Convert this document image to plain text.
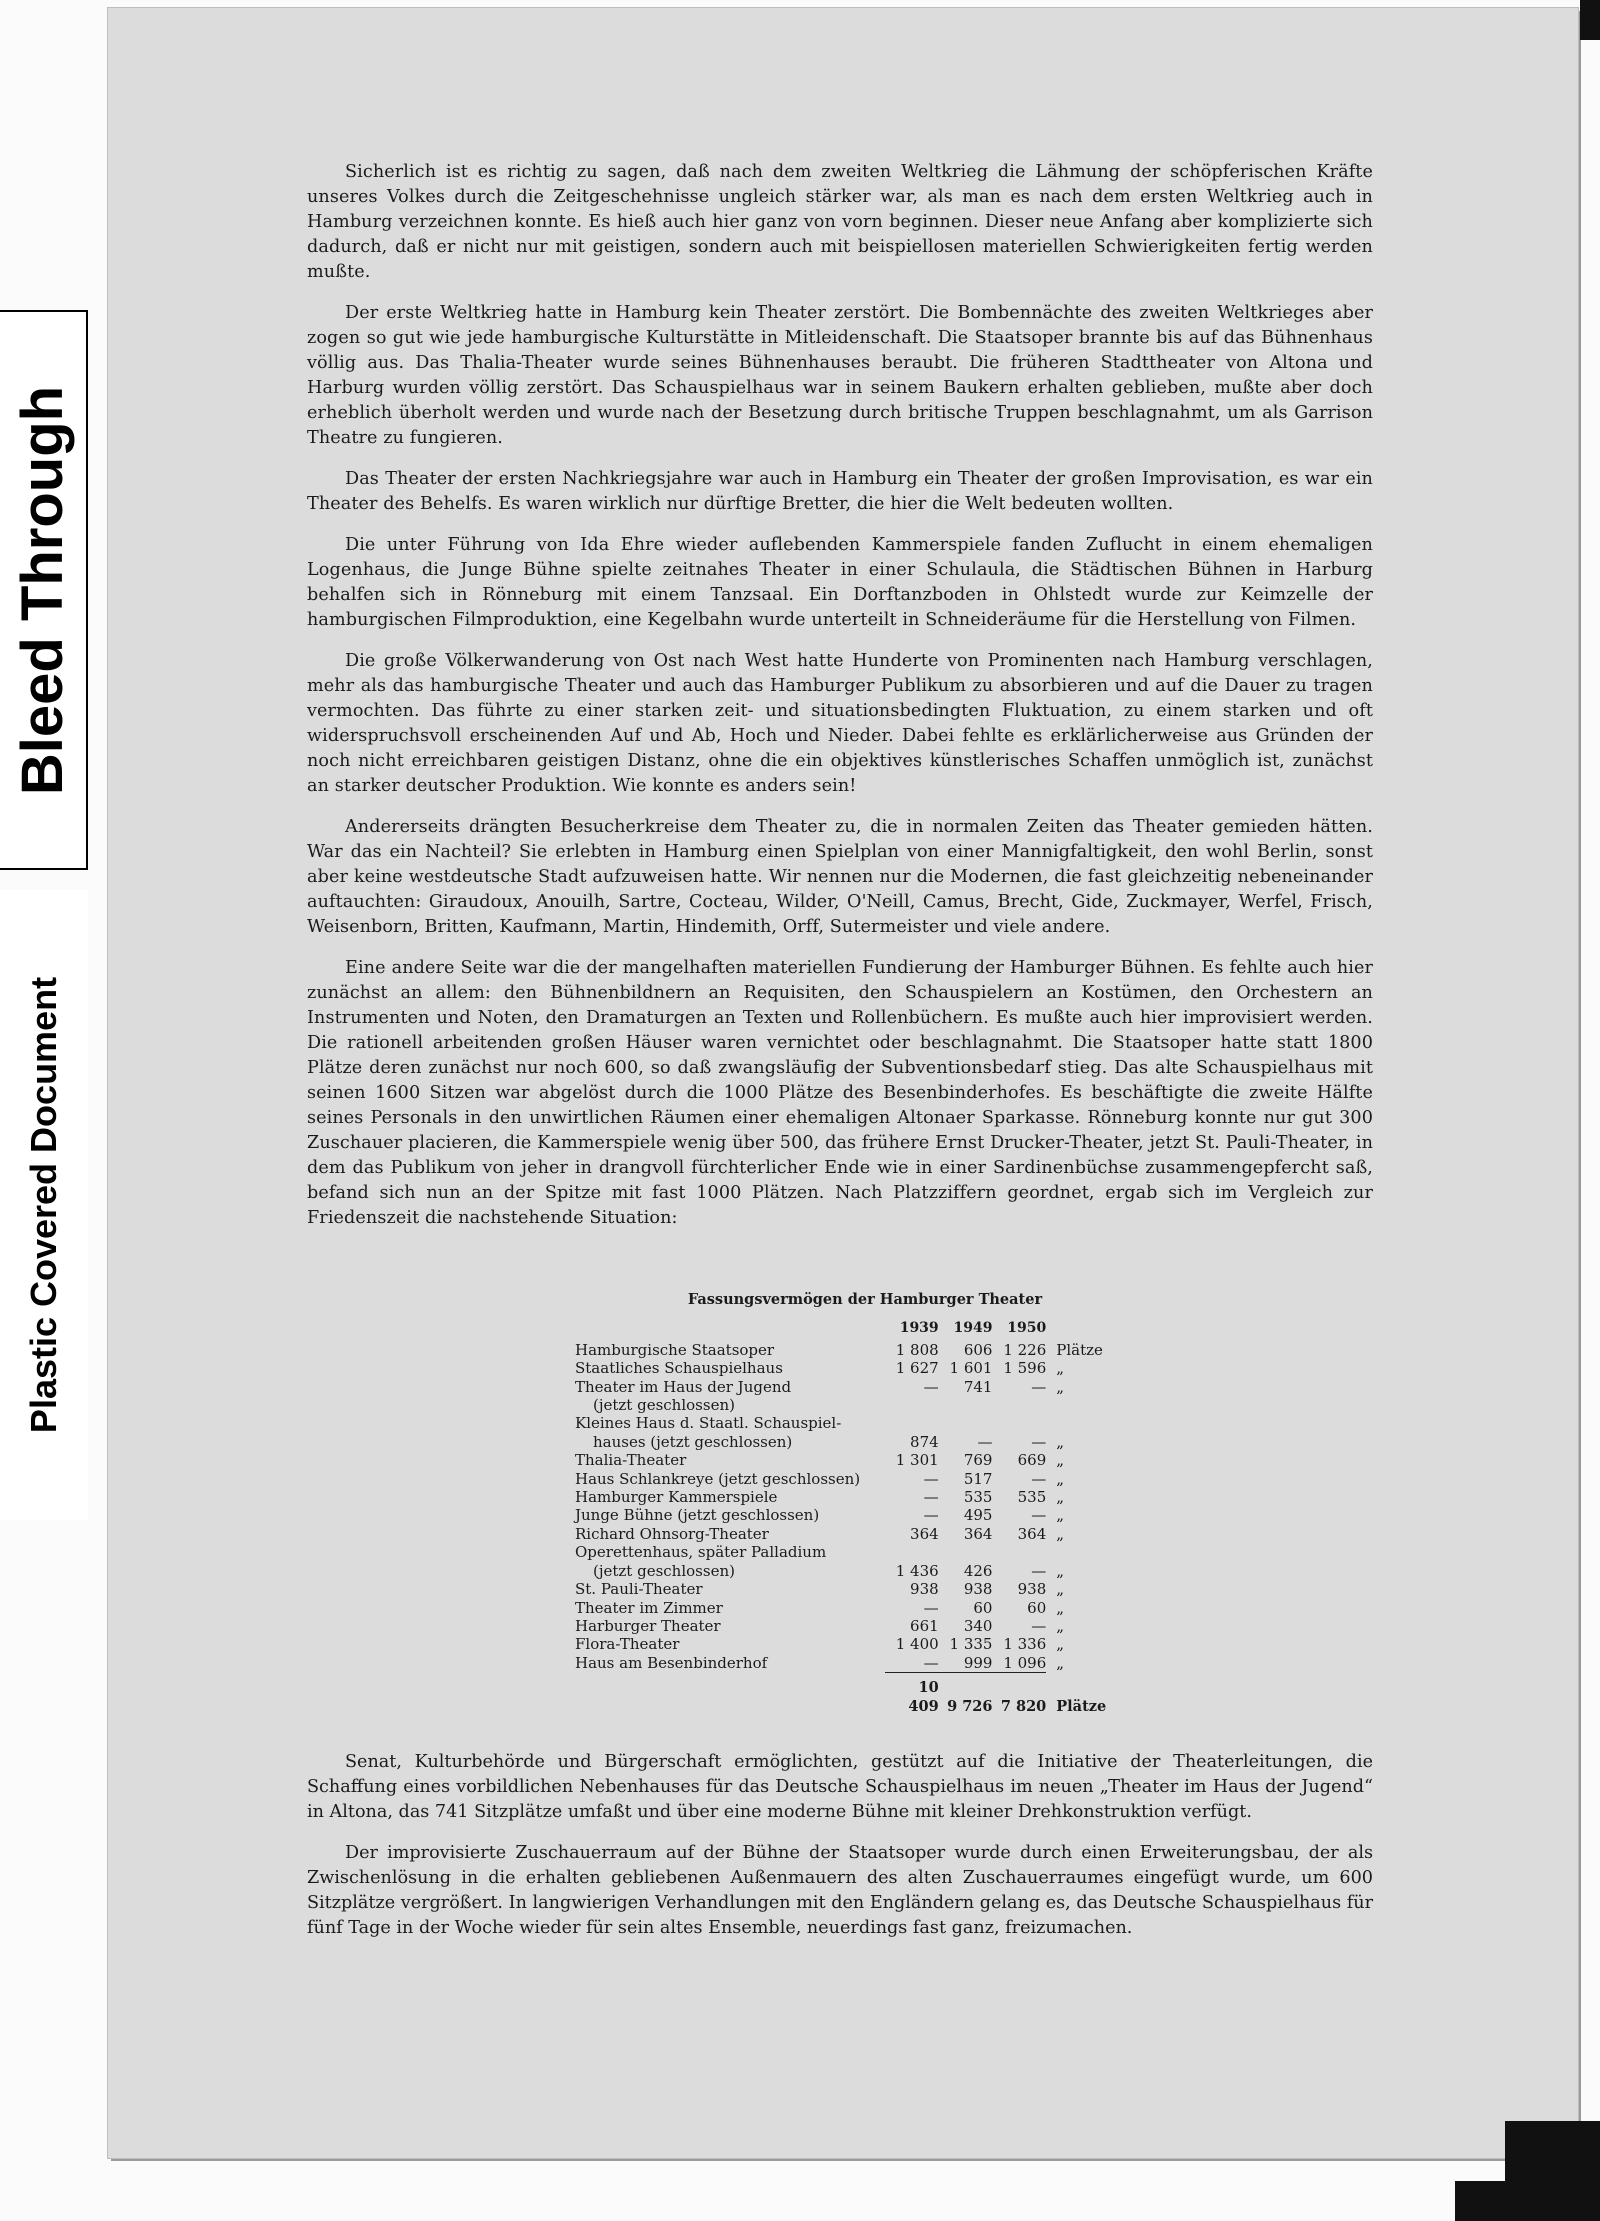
Bleed Through
Plastic Covered Document

Sicherlich ist es richtig zu sagen, daß nach dem zweiten Weltkrieg die Lähmung der schöpferischen Kräfte unseres Volkes durch die Zeitgeschehnisse ungleich stärker war, als man es nach dem ersten Weltkrieg auch in Hamburg verzeichnen konnte. Es hieß auch hier ganz von vorn beginnen. Dieser neue Anfang aber komplizierte sich dadurch, daß er nicht nur mit geistigen, sondern auch mit beispiellosen materiellen Schwierigkeiten fertig werden mußte.

Der erste Weltkrieg hatte in Hamburg kein Theater zerstört. Die Bombennächte des zweiten Weltkrieges aber zogen so gut wie jede hamburgische Kulturstätte in Mitleidenschaft. Die Staatsoper brannte bis auf das Bühnenhaus völlig aus. Das Thalia-Theater wurde seines Bühnenhauses beraubt. Die früheren Stadttheater von Altona und Harburg wurden völlig zerstört. Das Schauspielhaus war in seinem Baukern erhalten geblieben, mußte aber doch erheblich überholt werden und wurde nach der Besetzung durch britische Truppen beschlagnahmt, um als Garrison Theatre zu fungieren.

Das Theater der ersten Nachkriegsjahre war auch in Hamburg ein Theater der großen Improvisation, es war ein Theater des Behelfs. Es waren wirklich nur dürftige Bretter, die hier die Welt bedeuten wollten.

Die unter Führung von Ida Ehre wieder auflebenden Kammerspiele fanden Zuflucht in einem ehemaligen Logenhaus, die Junge Bühne spielte zeitnahes Theater in einer Schulaula, die Städtischen Bühnen in Harburg behalfen sich in Rönneburg mit einem Tanzsaal. Ein Dorftanzboden in Ohlstedt wurde zur Keimzelle der hamburgischen Filmproduktion, eine Kegelbahn wurde unterteilt in Schneideräume für die Herstellung von Filmen.

Die große Völkerwanderung von Ost nach West hatte Hunderte von Prominenten nach Hamburg verschlagen, mehr als das hamburgische Theater und auch das Hamburger Publikum zu absorbieren und auf die Dauer zu tragen vermochten. Das führte zu einer starken zeit- und situationsbedingten Fluktuation, zu einem starken und oft widerspruchsvoll erscheinenden Auf und Ab, Hoch und Nieder. Dabei fehlte es erklärlicherweise aus Gründen der noch nicht erreichbaren geistigen Distanz, ohne die ein objektives künstlerisches Schaffen unmöglich ist, zunächst an starker deutscher Produktion. Wie konnte es anders sein!

Andererseits drängten Besucherkreise dem Theater zu, die in normalen Zeiten das Theater gemieden hätten. War das ein Nachteil? Sie erlebten in Hamburg einen Spielplan von einer Mannigfaltigkeit, den wohl Berlin, sonst aber keine westdeutsche Stadt aufzuweisen hatte. Wir nennen nur die Modernen, die fast gleichzeitig nebeneinander auftauchten: Giraudoux, Anouilh, Sartre, Cocteau, Wilder, O'Neill, Camus, Brecht, Gide, Zuckmayer, Werfel, Frisch, Weisenborn, Britten, Kaufmann, Martin, Hindemith, Orff, Sutermeister und viele andere.

Eine andere Seite war die der mangelhaften materiellen Fundierung der Hamburger Bühnen. Es fehlte auch hier zunächst an allem: den Bühnenbildnern an Requisiten, den Schauspielern an Kostümen, den Orchestern an Instrumenten und Noten, den Dramaturgen an Texten und Rollenbüchern. Es mußte auch hier improvisiert werden. Die rationell arbeitenden großen Häuser waren vernichtet oder beschlagnahmt. Die Staatsoper hatte statt 1800 Plätze deren zunächst nur noch 600, so daß zwangsläufig der Subventionsbedarf stieg. Das alte Schauspielhaus mit seinen 1600 Sitzen war abgelöst durch die 1000 Plätze des Besenbinderhofes. Es beschäftigte die zweite Hälfte seines Personals in den unwirtlichen Räumen einer ehemaligen Altonaer Sparkasse. Rönneburg konnte nur gut 300 Zuschauer placieren, die Kammerspiele wenig über 500, das frühere Ernst Drucker-Theater, jetzt St. Pauli-Theater, in dem das Publikum von jeher in drangvoll fürchterlicher Ende wie in einer Sardinenbüchse zusammengepfercht saß, befand sich nun an der Spitze mit fast 1000 Plätzen. Nach Platzziffern geordnet, ergab sich im Vergleich zur Friedenszeit die nachstehende Situation:

Fassungsvermögen der Hamburger Theater
	1939	1949	1950	
Hamburgische Staatsoper	1 808	606	1 226	Plätze
Staatliches Schauspielhaus	1 627	1 601	1 596	„
Theater im Haus der Jugend	—	741	—	„
(jetzt geschlossen)				
Kleines Haus d. Staatl. Schauspiel-				
hauses (jetzt geschlossen)	874	—	—	„
Thalia-Theater	1 301	769	669	„
Haus Schlankreye (jetzt geschlossen)	—	517	—	„
Hamburger Kammerspiele	—	535	535	„
Junge Bühne (jetzt geschlossen)	—	495	—	„
Richard Ohnsorg-Theater	364	364	364	„
Operettenhaus, später Palladium				
(jetzt geschlossen)	1 436	426	—	„
St. Pauli-Theater	938	938	938	„
Theater im Zimmer	—	60	60	„
Harburger Theater	661	340	—	„
Flora-Theater	1 400	1 335	1 336	„
Haus am Besenbinderhof	—	999	1 096	„
	10 409	9 726	7 820	Plätze

Senat, Kulturbehörde und Bürgerschaft ermöglichten, gestützt auf die Initiative der Theaterleitungen, die Schaffung eines vorbildlichen Nebenhauses für das Deutsche Schauspielhaus im neuen „Theater im Haus der Jugend“ in Altona, das 741 Sitzplätze umfaßt und über eine moderne Bühne mit kleiner Drehkonstruktion verfügt.

Der improvisierte Zuschauerraum auf der Bühne der Staatsoper wurde durch einen Erweiterungsbau, der als Zwischenlösung in die erhalten gebliebenen Außenmauern des alten Zuschauerraumes eingefügt wurde, um 600 Sitzplätze vergrößert. In langwierigen Verhandlungen mit den Engländern gelang es, das Deutsche Schauspielhaus für fünf Tage in der Woche wieder für sein altes Ensemble, neuerdings fast ganz, freizumachen.
